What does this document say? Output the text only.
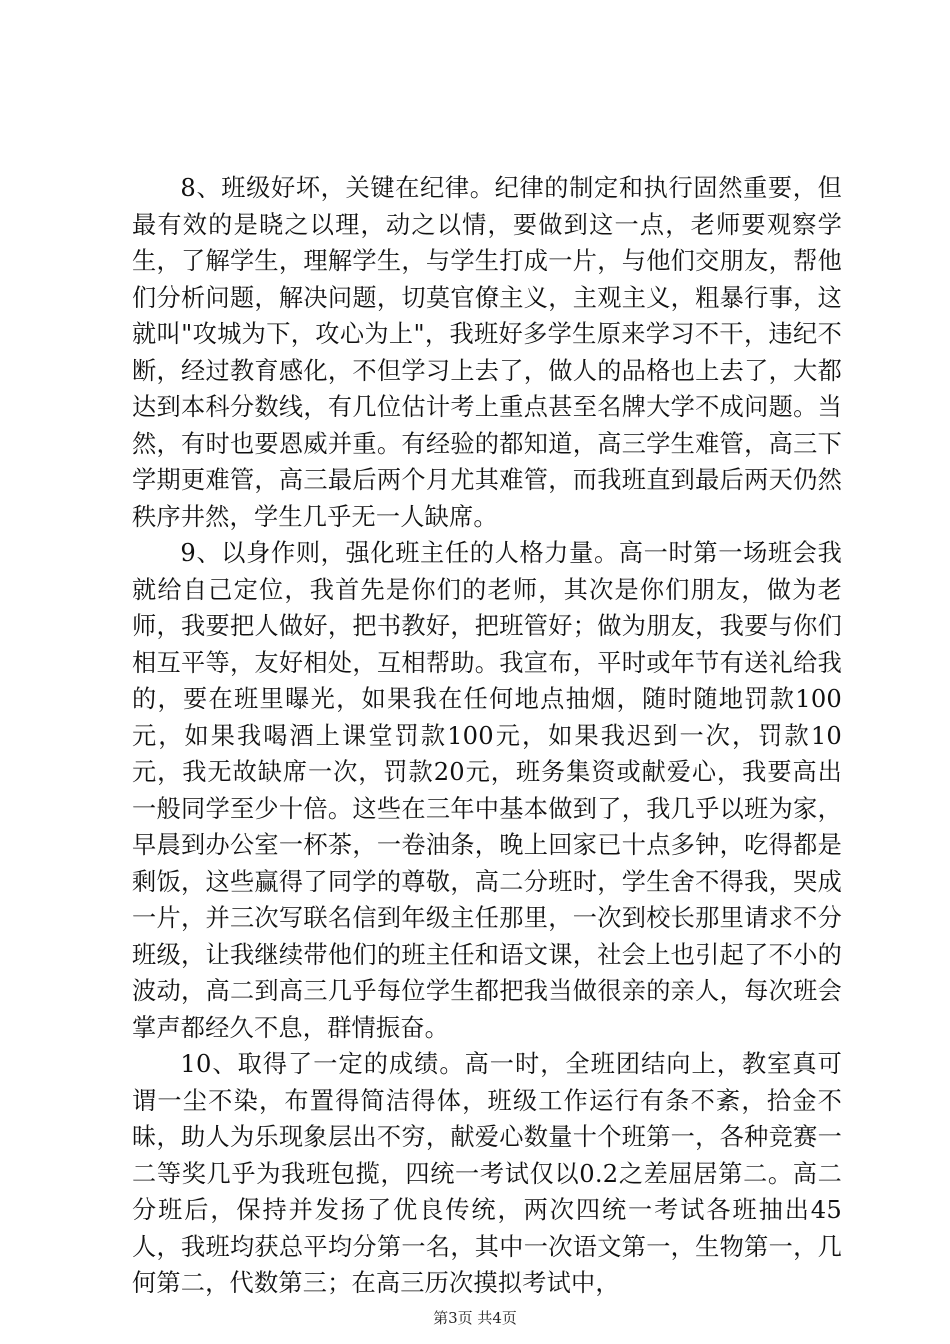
8、班级好坏，关键在纪律。纪律的制定和执行固然重要，但最有效的是晓之以理，动之以情，要做到这一点，老师要观察学生，了解学生，理解学生，与学生打成一片，与他们交朋友，帮他们分析问题，解决问题，切莫官僚主义，主观主义，粗暴行事，这就叫"攻城为下，攻心为上"，我班好多学生原来学习不干，违纪不断，经过教育感化，不但学习上去了，做人的品格也上去了，大都达到本科分数线，有几位估计考上重点甚至名牌大学不成问题。当然，有时也要恩威并重。有经验的都知道，高三学生难管，高三下学期更难管，高三最后两个月尤其难管，而我班直到最后两天仍然秩序井然，学生几乎无一人缺席。

9、以身作则，强化班主任的人格力量。高一时第一场班会我就给自己定位，我首先是你们的老师，其次是你们朋友，做为老师，我要把人做好，把书教好，把班管好；做为朋友，我要与你们相互平等，友好相处，互相帮助。我宣布，平时或年节有送礼给我的，要在班里曝光，如果我在任何地点抽烟，随时随地罚款100元，如果我喝酒上课堂罚款100元，如果我迟到一次，罚款10元，我无故缺席一次，罚款20元，班务集资或献爱心，我要高出一般同学至少十倍。这些在三年中基本做到了，我几乎以班为家，早晨到办公室一杯茶，一卷油条，晚上回家已十点多钟，吃得都是剩饭，这些赢得了同学的尊敬，高二分班时，学生舍不得我，哭成一片，并三次写联名信到年级主任那里，一次到校长那里请求不分班级，让我继续带他们的班主任和语文课，社会上也引起了不小的波动，高二到高三几乎每位学生都把我当做很亲的亲人，每次班会掌声都经久不息，群情振奋。

10、取得了一定的成绩。高一时，全班团结向上，教室真可谓一尘不染，布置得简洁得体，班级工作运行有条不紊，拾金不昧，助人为乐现象层出不穷，献爱心数量十个班第一，各种竞赛一二等奖几乎为我班包揽，四统一考试仅以0.2之差屈居第二。高二分班后，保持并发扬了优良传统，两次四统一考试各班抽出45人，我班均获总平均分第一名，其中一次语文第一，生物第一，几何第二，代数第三；在高三历次摸拟考试中，

第3页 共4页
